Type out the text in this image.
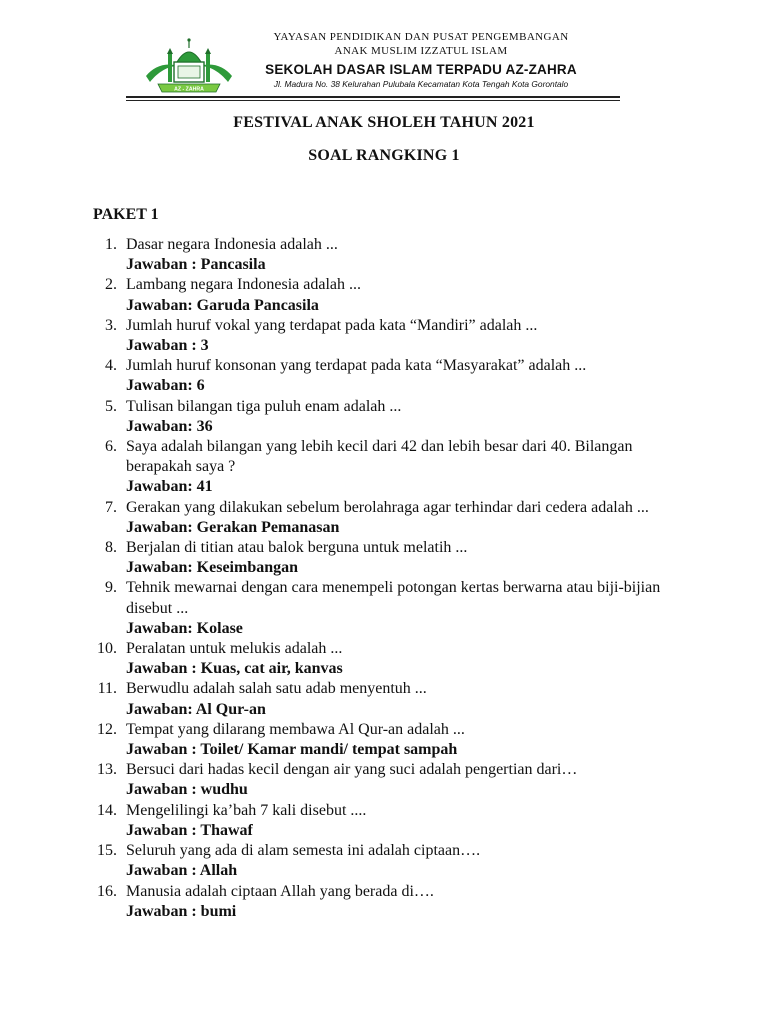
AZ - ZAHRA
YAYASAN PENDIDIKAN DAN PUSAT PENGEMBANGAN
ANAK MUSLIM IZZATUL ISLAM
SEKOLAH DASAR ISLAM TERPADU AZ-ZAHRA
Jl. Madura No. 38 Kelurahan Pulubala Kecamatan Kota Tengah Kota Gorontalo
FESTIVAL ANAK SHOLEH TAHUN 2021
SOAL RANGKING 1
PAKET 1
1. Dasar negara Indonesia adalah ...
Jawaban : Pancasila
2. Lambang negara Indonesia adalah ...
Jawaban: Garuda Pancasila
3. Jumlah huruf vokal yang terdapat pada kata “Mandiri” adalah ...
Jawaban : 3
4. Jumlah huruf konsonan yang terdapat pada kata “Masyarakat” adalah ...
Jawaban: 6
5. Tulisan bilangan tiga puluh enam adalah ...
Jawaban: 36
6. Saya adalah bilangan yang lebih kecil dari 42 dan lebih besar dari 40. Bilangan berapakah saya ?
Jawaban: 41
7. Gerakan yang dilakukan sebelum berolahraga agar terhindar dari cedera adalah ...
Jawaban: Gerakan Pemanasan
8. Berjalan di titian atau balok berguna untuk melatih ...
Jawaban: Keseimbangan
9. Tehnik mewarnai dengan cara menempeli potongan kertas berwarna atau biji-bijian disebut ...
Jawaban: Kolase
10. Peralatan untuk melukis adalah ...
Jawaban : Kuas, cat air, kanvas
11. Berwudlu adalah salah satu adab menyentuh ...
Jawaban: Al Qur-an
12. Tempat yang dilarang membawa Al Qur-an adalah ...
Jawaban : Toilet/ Kamar mandi/ tempat sampah
13. Bersuci dari hadas kecil dengan air yang suci adalah pengertian dari…
Jawaban : wudhu
14. Mengelilingi ka’bah 7 kali disebut ....
Jawaban : Thawaf
15. Seluruh yang ada di alam semesta ini adalah ciptaan….
Jawaban : Allah
16. Manusia adalah ciptaan Allah yang berada di….
Jawaban : bumi
